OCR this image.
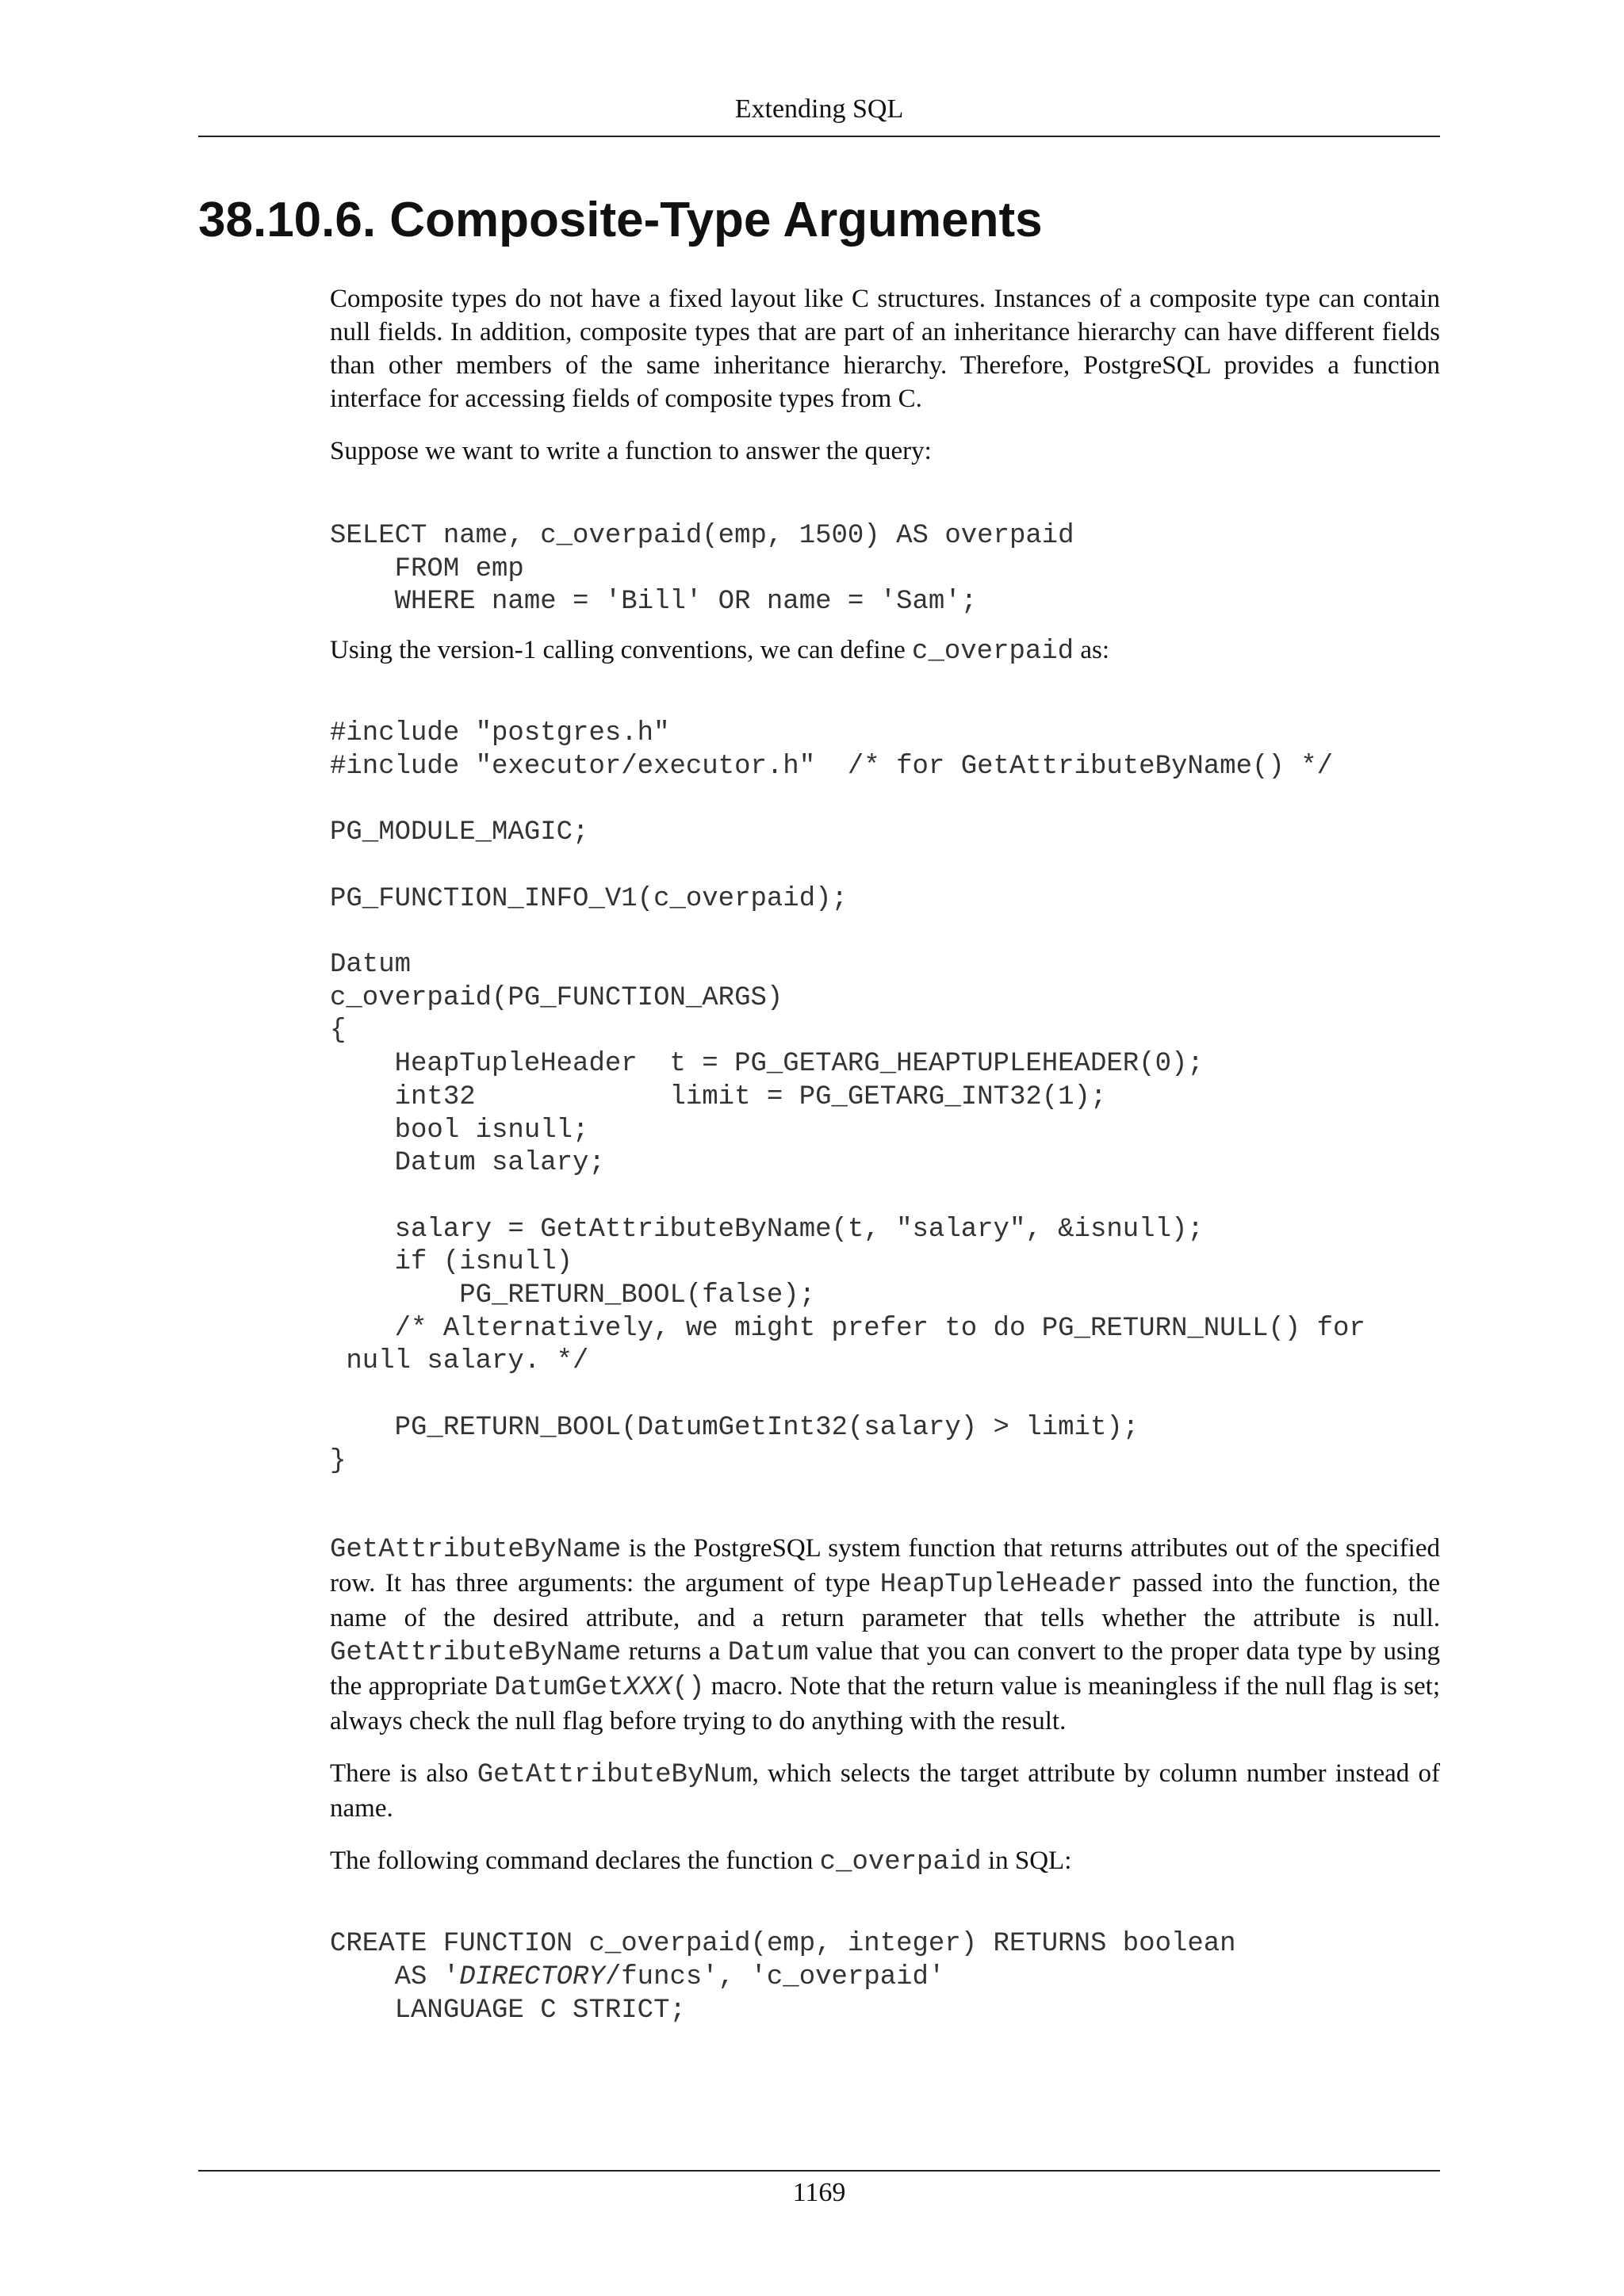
Extending SQL
38.10.6. Composite-Type Arguments

Composite types do not have a fixed layout like C structures. Instances of a composite type can contain null fields. In addition, composite types that are part of an inheritance hierarchy can have different fields than other members of the same inheritance hierarchy. Therefore, PostgreSQL provides a function interface for accessing fields of composite types from C.

Suppose we want to write a function to answer the query:

SELECT name, c_overpaid(emp, 1500) AS overpaid
FROM emp
WHERE name = 'Bill' OR name = 'Sam';

Using the version-1 calling conventions, we can define c_overpaid as:

#include "postgres.h"
#include "executor/executor.h"  /* for GetAttributeByName() */

PG_MODULE_MAGIC;

PG_FUNCTION_INFO_V1(c_overpaid);

Datum
c_overpaid(PG_FUNCTION_ARGS)
{
HeapTupleHeader  t = PG_GETARG_HEAPTUPLEHEADER(0);
int32            limit = PG_GETARG_INT32(1);
bool isnull;
Datum salary;

salary = GetAttributeByName(t, "salary", &isnull);
if (isnull)
PG_RETURN_BOOL(false);
/* Alternatively, we might prefer to do PG_RETURN_NULL() for
null salary. */

PG_RETURN_BOOL(DatumGetInt32(salary) > limit);
}

GetAttributeByName is the PostgreSQL system function that returns attributes out of the specified row. It has three arguments: the argument of type HeapTupleHeader passed into the function, the name of the desired attribute, and a return parameter that tells whether the attribute is null. GetAttributeByName returns a Datum value that you can convert to the proper data type by using the appropriate DatumGetXXX() macro. Note that the return value is meaningless if the null flag is set; always check the null flag before trying to do anything with the result.

There is also GetAttributeByNum, which selects the target attribute by column number instead of name.

The following command declares the function c_overpaid in SQL:

CREATE FUNCTION c_overpaid(emp, integer) RETURNS boolean
AS 'DIRECTORY/funcs', 'c_overpaid'
LANGUAGE C STRICT;
1169
